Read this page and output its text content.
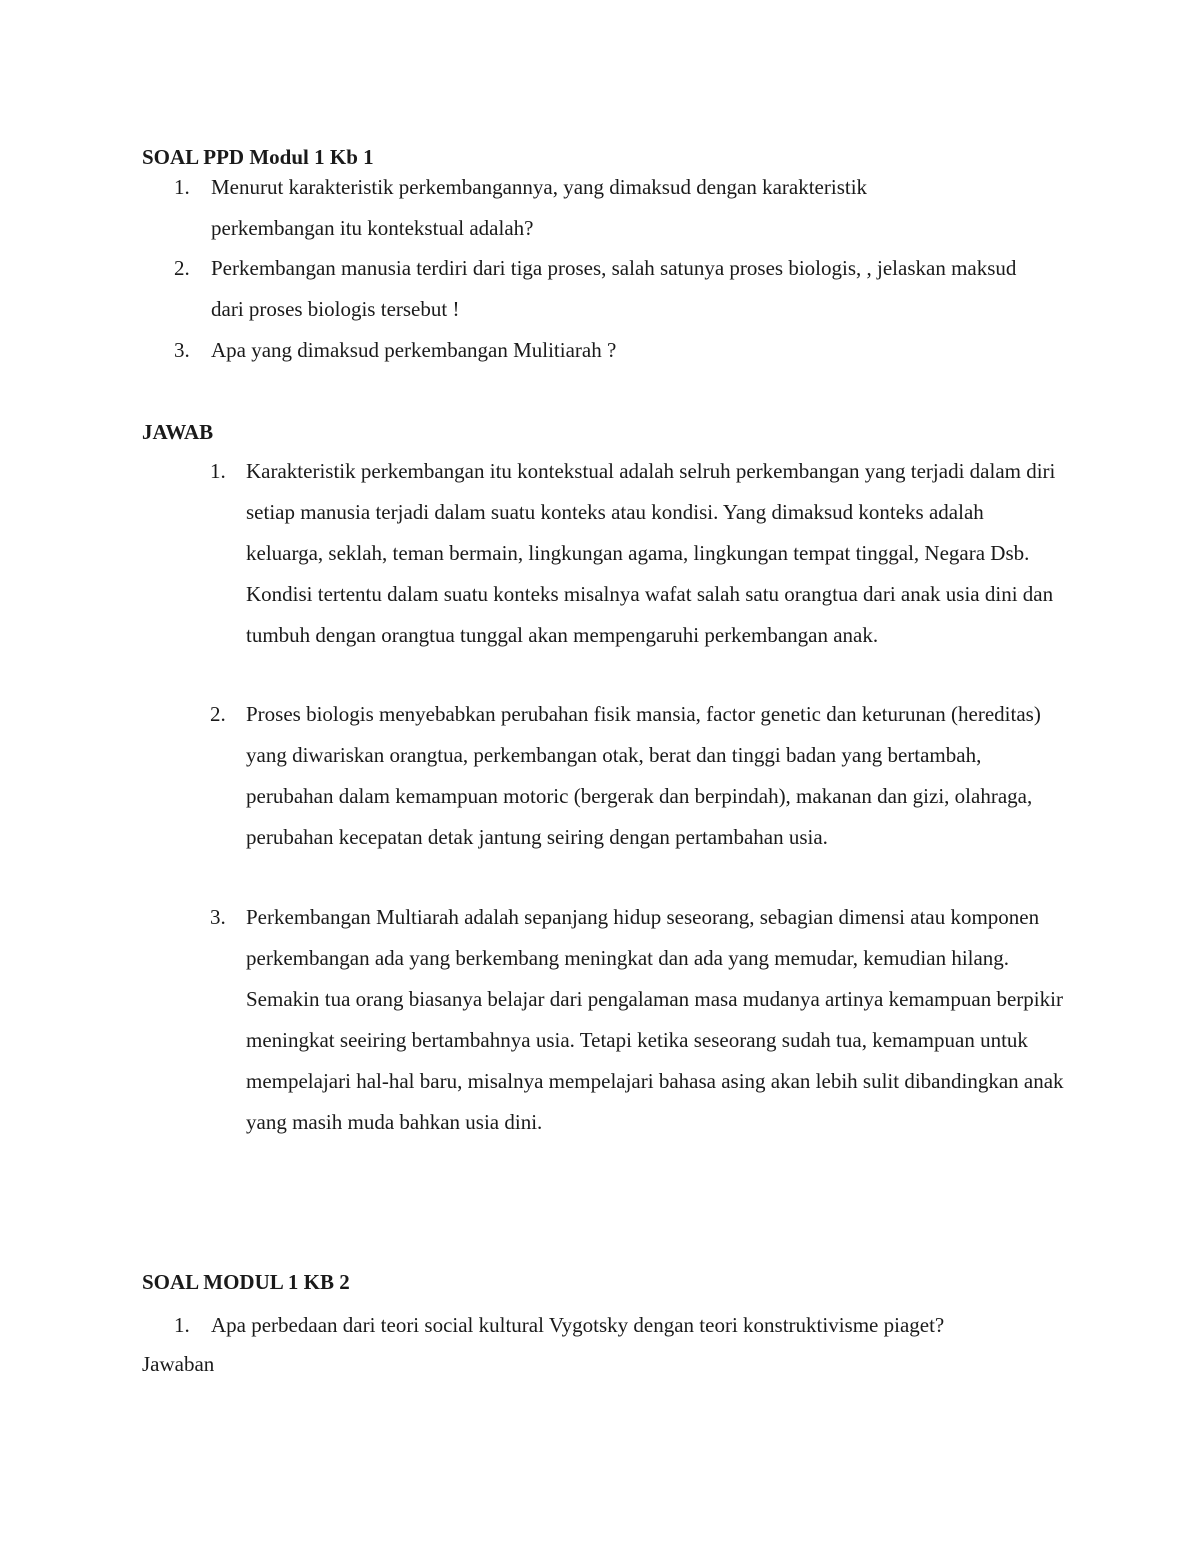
SOAL PPD Modul 1 Kb 1
1.	Menurut karakteristik perkembangannya, yang dimaksud dengan karakteristik perkembangan itu kontekstual adalah?
2.	Perkembangan manusia terdiri dari tiga proses, salah satunya proses biologis, , jelaskan maksud dari proses biologis tersebut !
3.	Apa yang dimaksud perkembangan Mulitiarah ?
JAWAB
1. Karakteristik perkembangan itu kontekstual adalah selruh perkembangan yang terjadi dalam diri setiap manusia terjadi dalam suatu konteks atau kondisi. Yang dimaksud konteks adalah keluarga, seklah, teman bermain, lingkungan agama, lingkungan tempat tinggal, Negara Dsb. Kondisi tertentu dalam suatu konteks misalnya wafat salah satu orangtua dari anak usia dini dan tumbuh dengan orangtua tunggal akan mempengaruhi perkembangan anak.
2. Proses biologis menyebabkan perubahan fisik mansia, factor genetic dan keturunan (hereditas) yang diwariskan orangtua, perkembangan otak, berat dan tinggi badan yang bertambah, perubahan dalam kemampuan motoric (bergerak dan berpindah), makanan dan gizi, olahraga, perubahan kecepatan detak jantung seiring dengan pertambahan usia.
3. Perkembangan Multiarah adalah sepanjang hidup seseorang, sebagian dimensi atau komponen perkembangan ada yang berkembang meningkat dan ada yang memudar, kemudian hilang. Semakin tua orang biasanya belajar dari pengalaman masa mudanya artinya kemampuan berpikir meningkat seeiring bertambahnya usia. Tetapi ketika seseorang sudah tua, kemampuan untuk mempelajari hal-hal baru, misalnya mempelajari bahasa asing akan lebih sulit dibandingkan anak yang masih muda bahkan usia dini.
SOAL MODUL 1 KB 2
1.	Apa perbedaan dari teori social kultural Vygotsky dengan teori konstruktivisme piaget?
Jawaban
